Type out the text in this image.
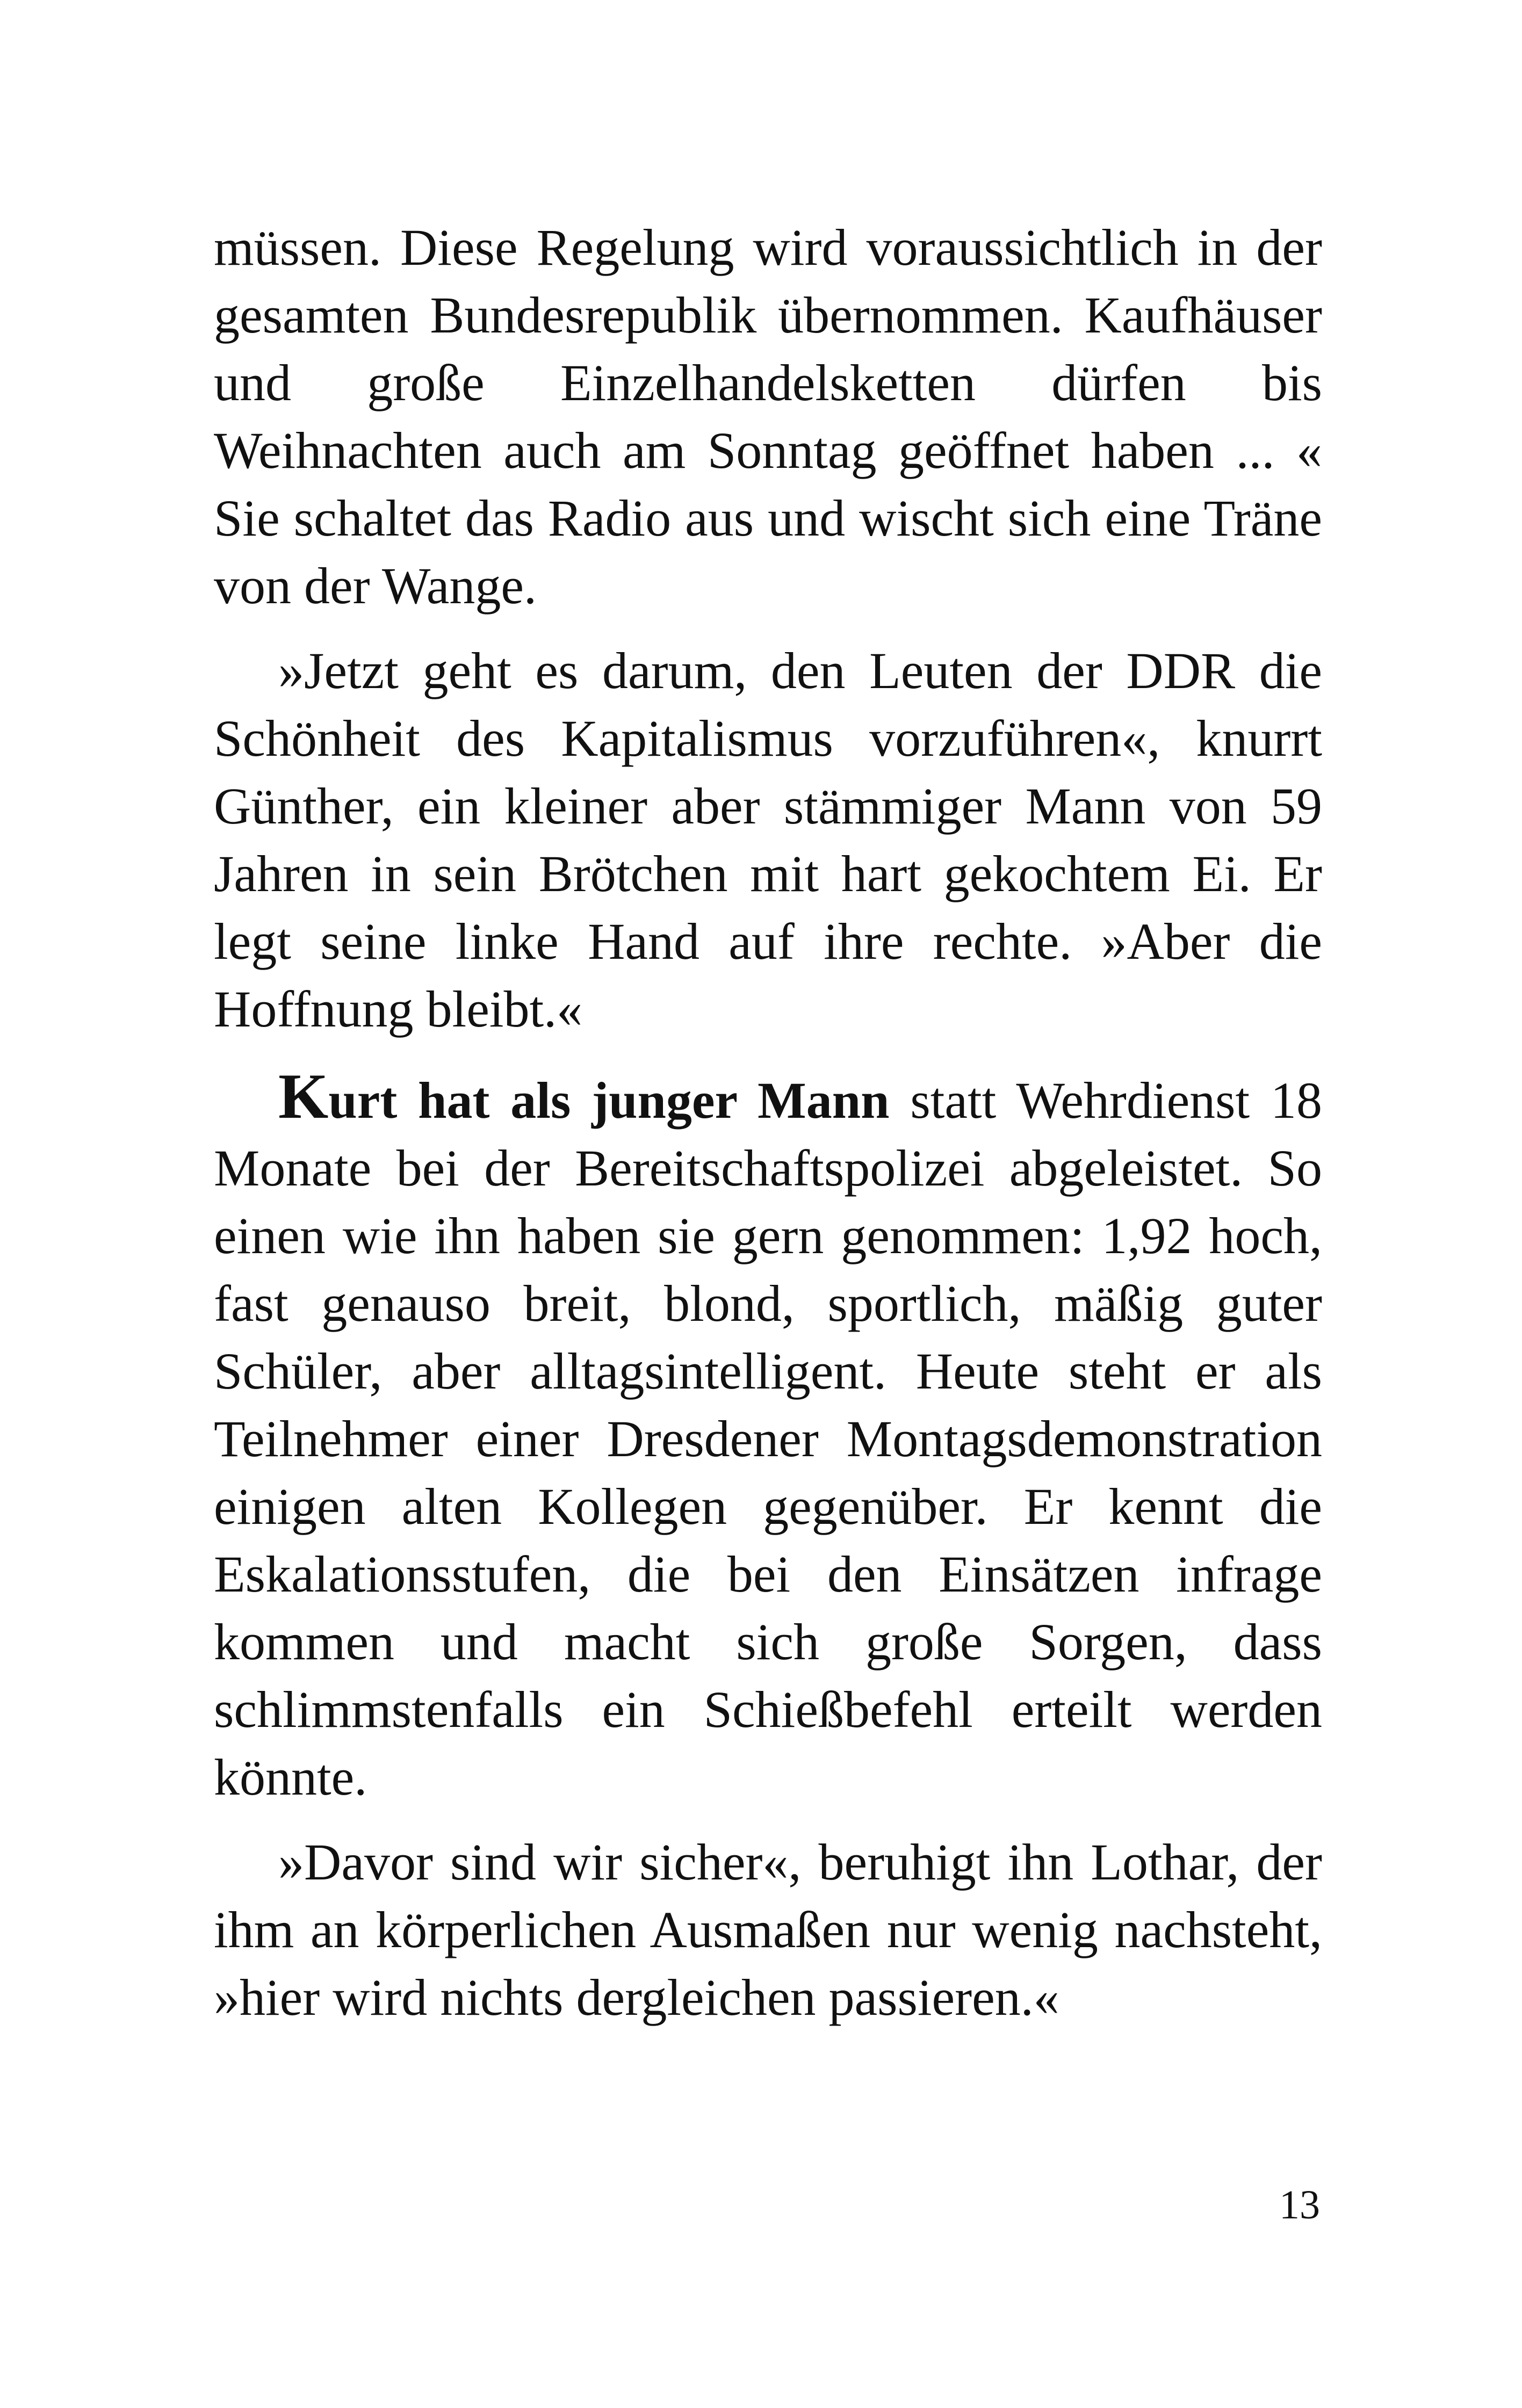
müssen. Diese Regelung wird voraussichtlich in der gesamten Bundesrepublik übernommen. Kaufhäuser und große Einzelhandelsketten dürfen bis Weihnachten auch am Sonntag geöffnet haben ... « Sie schaltet das Radio aus und wischt sich eine Träne von der Wange.

»Jetzt geht es darum, den Leuten der DDR die Schönheit des Kapitalismus vorzuführen«, knurrt Günther, ein kleiner aber stämmiger Mann von 59 Jahren in sein Brötchen mit hart gekochtem Ei. Er legt seine linke Hand auf ihre rechte. »Aber die Hoffnung bleibt.«

Kurt hat als junger Mann statt Wehrdienst 18 Monate bei der Bereitschaftspolizei abgeleistet. So einen wie ihn haben sie gern genommen: 1,92 hoch, fast genauso breit, blond, sportlich, mäßig guter Schüler, aber alltagsintelligent. Heute steht er als Teilnehmer einer Dresdener Montagsdemonstration einigen alten Kollegen gegenüber. Er kennt die Eskalationsstufen, die bei den Einsätzen infrage kommen und macht sich große Sorgen, dass schlimmstenfalls ein Schießbefehl erteilt werden könnte.

»Davor sind wir sicher«, beruhigt ihn Lothar, der ihm an körperlichen Ausmaßen nur wenig nachsteht, »hier wird nichts dergleichen passieren.«

13
